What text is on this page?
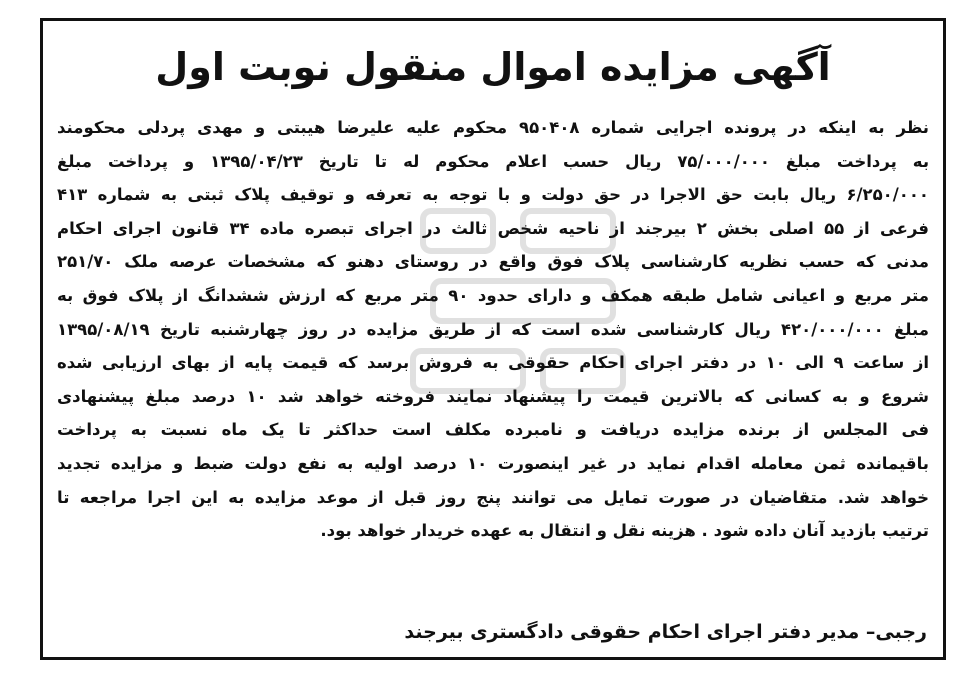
آگهی مزایده اموال منقول نوبت اول
نظر به اینکه در پرونده اجرایی شماره ۹۵۰۴۰۸ محکوم علیه علیرضا هیبتی و مهدی پردلی محکومند
به پرداخت مبلغ ۷۵/۰۰۰/۰۰۰ ریال حسب اعلام محکوم له تا تاریخ ۱۳۹۵/۰۴/۲۳ و پرداخت مبلغ
۶/۲۵۰/۰۰۰ ریال بابت حق الاجرا در حق دولت و با توجه به تعرفه و توقیف پلاک ثبتی به شماره ۴۱۳
فرعی از ۵۵ اصلی بخش ۲ بیرجند از ناحیه شخص ثالث در اجرای تبصره ماده ۳۴ قانون اجرای احکام
مدنی که حسب نظریه کارشناسی پلاک فوق واقع در روستای دهنو که مشخصات عرصه ملک ۲۵۱/۷۰
متر مربع و اعیانی شامل طبقه همکف و دارای حدود ۹۰ متر مربع که ارزش ششدانگ از پلاک فوق به
مبلغ ۴۲۰/۰۰۰/۰۰۰ ریال کارشناسی شده است که از طریق مزایده در روز چهارشنبه تاریخ ۱۳۹۵/۰۸/۱۹
از ساعت ۹ الی ۱۰ در دفتر اجرای احکام حقوقی به فروش برسد که قیمت پایه از بهای ارزیابی شده
شروع و به کسانی که بالاترین قیمت را پیشنهاد نمایند فروخته خواهد شد ۱۰ درصد مبلغ پیشنهادی
فی المجلس از برنده مزایده دریافت و نامبرده مکلف است حداکثر تا یک ماه نسبت به پرداخت
باقیمانده ثمن معامله اقدام نماید در غیر اینصورت ۱۰ درصد اولیه به نفع دولت ضبط و مزایده تجدید
خواهد شد. متقاضیان در صورت تمایل می توانند پنج روز قبل از موعد مزایده به این اجرا مراجعه تا
ترتیب بازدید آنان داده شود . هزینه نقل و انتقال به عهده خریدار خواهد بود.
رجبی– مدیر دفتر اجرای احکام حقوقی دادگستری بیرجند
